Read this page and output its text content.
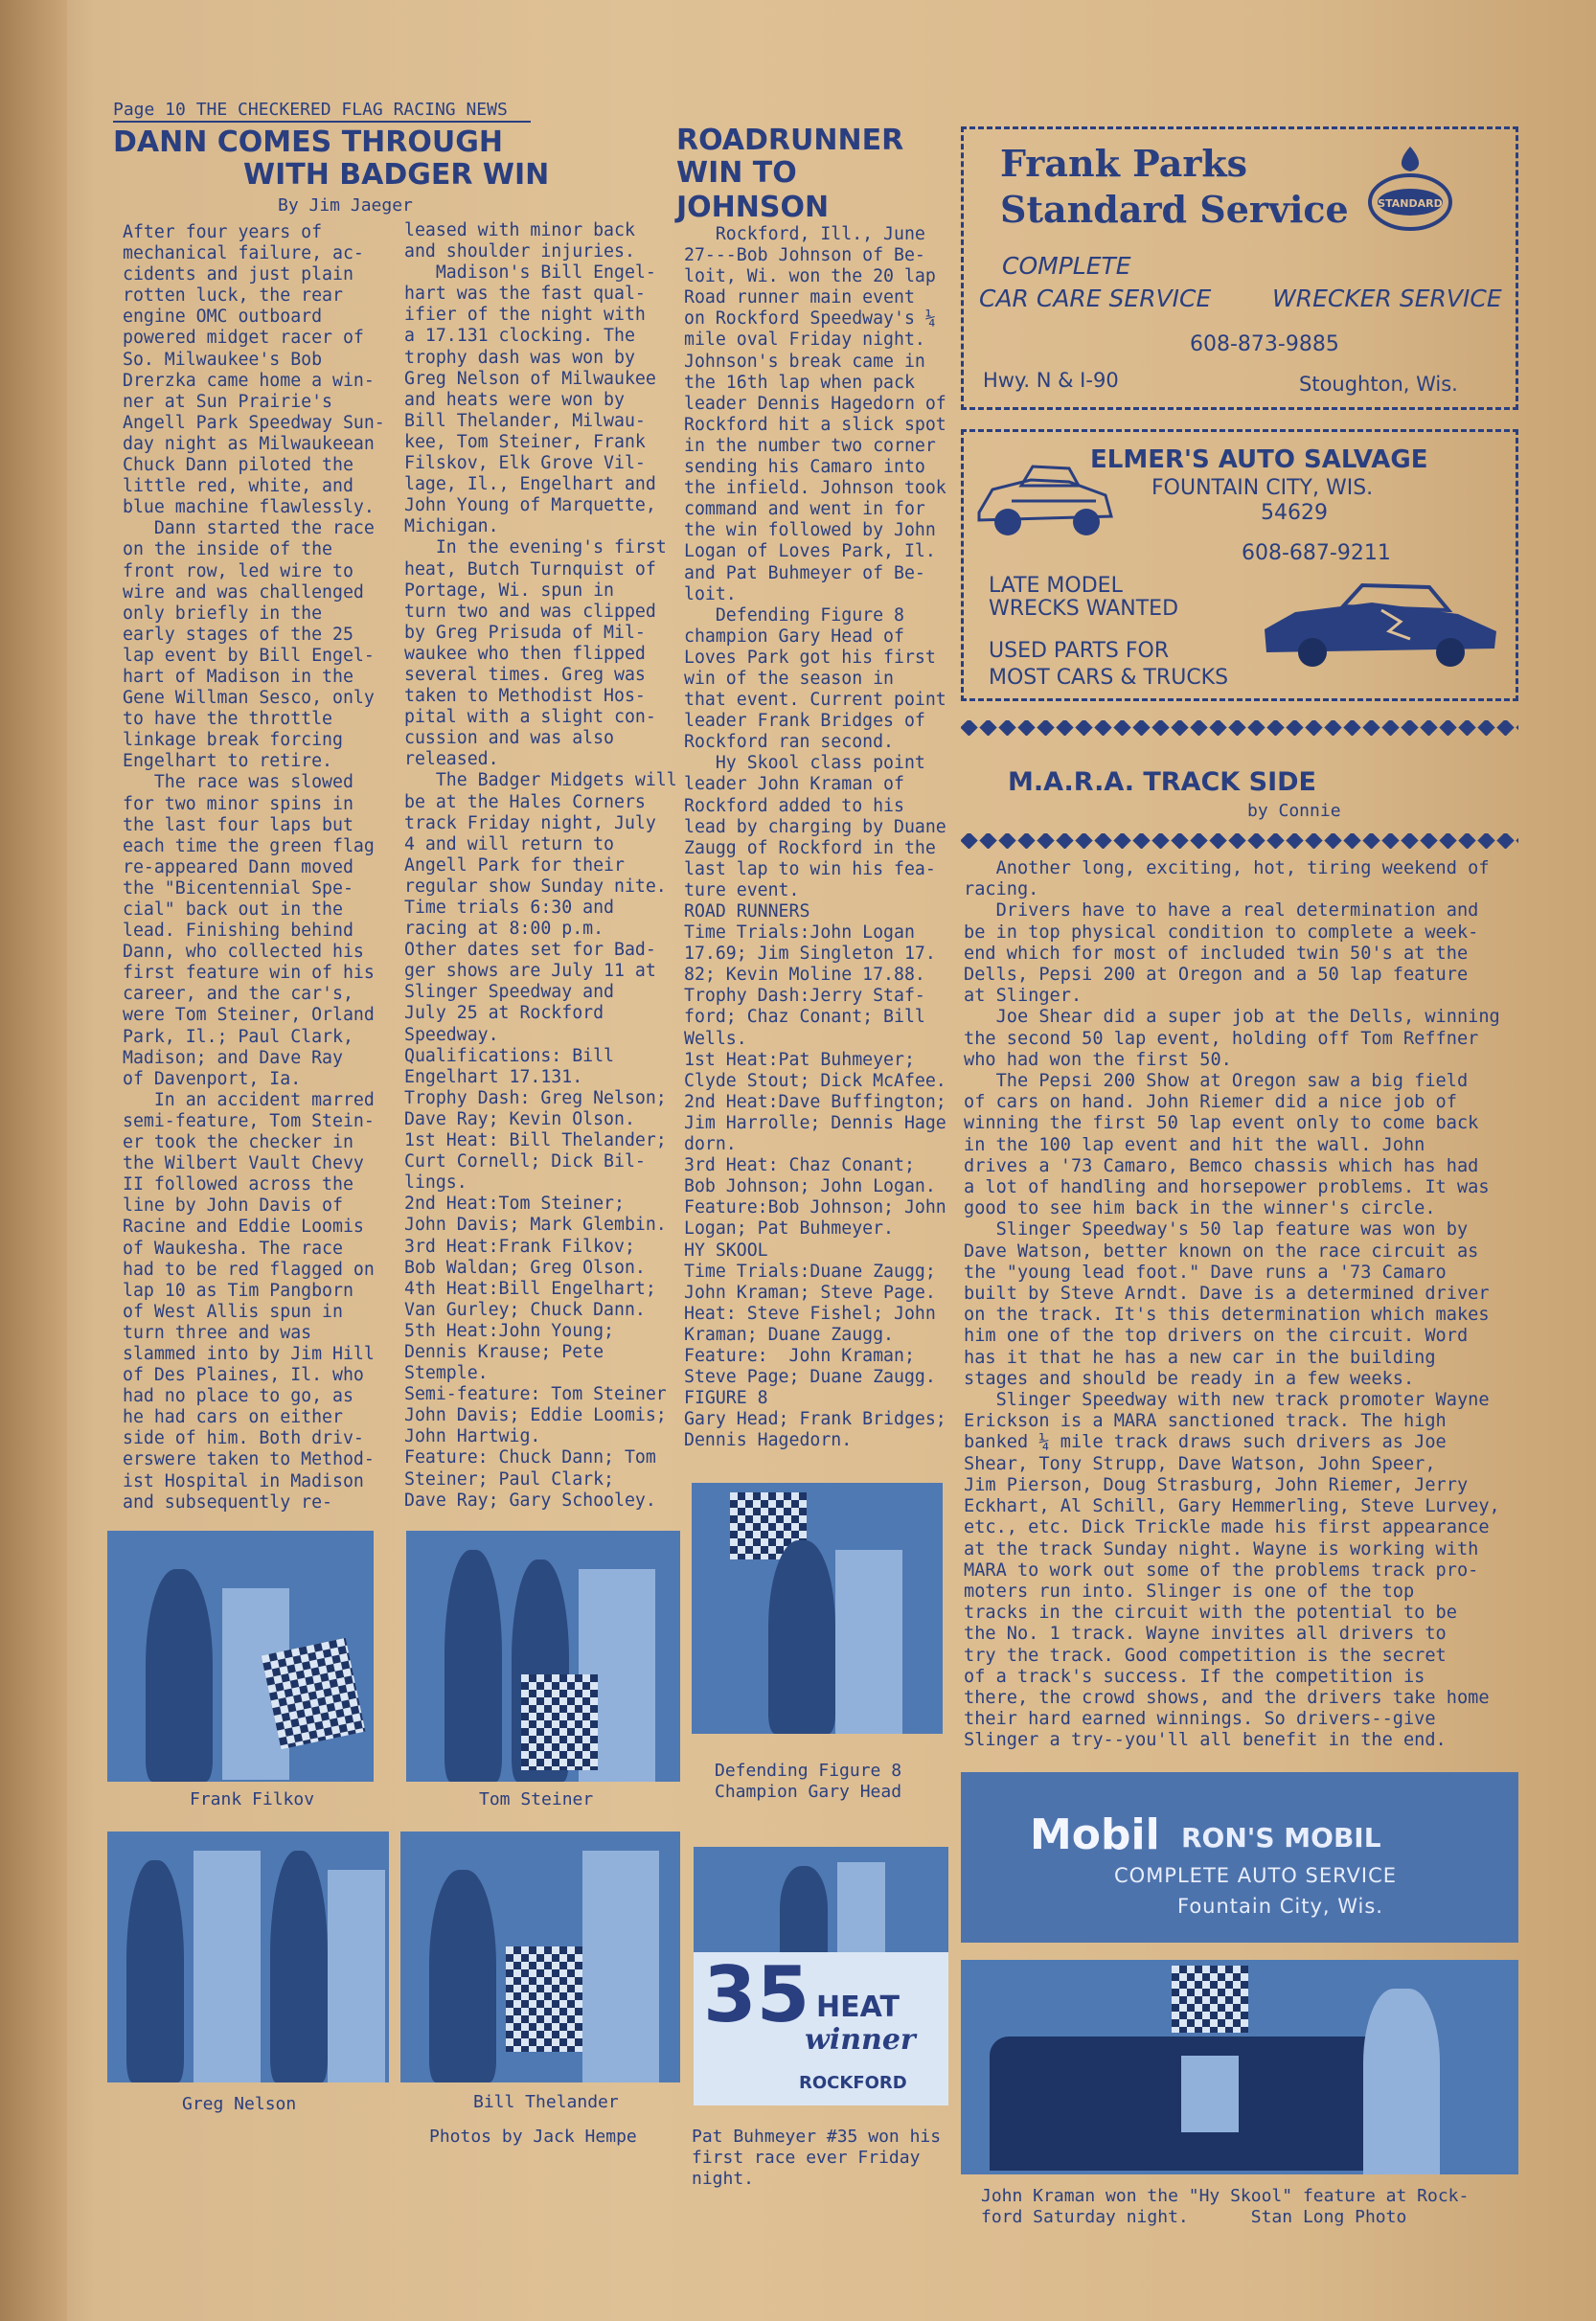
Page 10 THE CHECKERED FLAG RACING NEWS
DANN COMES THROUGH
WITH BADGER WIN
By Jim Jaeger
After four years of
mechanical failure, ac-
cidents and just plain
rotten luck, the rear
engine OMC outboard
powered midget racer of
So. Milwaukee's Bob
Drerzka came home a win-
ner at Sun Prairie's
Angell Park Speedway Sun-
day night as Milwaukeean
Chuck Dann piloted the
little red, white, and
blue machine flawlessly.
Dann started the race
on the inside of the
front row, led wire to
wire and was challenged
only briefly in the
early stages of the 25
lap event by Bill Engel-
hart of Madison in the
Gene Willman Sesco, only
to have the throttle
linkage break forcing
Engelhart to retire.
The race was slowed
for two minor spins in
the last four laps but
each time the green flag
re-appeared Dann moved
the "Bicentennial Spe-
cial" back out in the
lead. Finishing behind
Dann, who collected his
first feature win of his
career, and the car's,
were Tom Steiner, Orland
Park, Il.; Paul Clark,
Madison; and Dave Ray
of Davenport, Ia.
In an accident marred
semi-feature, Tom Stein-
er took the checker in
the Wilbert Vault Chevy
II followed across the
line by John Davis of
Racine and Eddie Loomis
of Waukesha. The race
had to be red flagged on
lap 10 as Tim Pangborn
of West Allis spun in
turn three and was
slammed into by Jim Hill
of Des Plaines, Il. who
had no place to go, as
he had cars on either
side of him. Both driv-
erswere taken to Method-
ist Hospital in Madison
and subsequently re-
leased with minor back
and shoulder injuries.
Madison's Bill Engel-
hart was the fast qual-
ifier of the night with
a 17.131 clocking. The
trophy dash was won by
Greg Nelson of Milwaukee
and heats were won by
Bill Thelander, Milwau-
kee, Tom Steiner, Frank
Filskov, Elk Grove Vil-
lage, Il., Engelhart and
John Young of Marquette,
Michigan.
In the evening's first
heat, Butch Turnquist of
Portage, Wi. spun in
turn two and was clipped
by Greg Prisuda of Mil-
waukee who then flipped
several times. Greg was
taken to Methodist Hos-
pital with a slight con-
cussion and was also
released.
The Badger Midgets will
be at the Hales Corners
track Friday night, July
4 and will return to
Angell Park for their
regular show Sunday nite.
Time trials 6:30 and
racing at 8:00 p.m.
Other dates set for Bad-
ger shows are July 11 at
Slinger Speedway and
July 25 at Rockford
Speedway.
Qualifications: Bill
Engelhart 17.131.
Trophy Dash: Greg Nelson;
Dave Ray; Kevin Olson.
1st Heat: Bill Thelander;
Curt Cornell; Dick Bil-
lings.
2nd Heat:Tom Steiner;
John Davis; Mark Glembin.
3rd Heat:Frank Filkov;
Bob Waldan; Greg Olson.
4th Heat:Bill Engelhart;
Van Gurley; Chuck Dann.
5th Heat:John Young;
Dennis Krause; Pete
Stemple.
Semi-feature: Tom Steiner
John Davis; Eddie Loomis;
John Hartwig.
Feature: Chuck Dann; Tom
Steiner; Paul Clark;
Dave Ray; Gary Schooley.
ROADRUNNER
WIN TO
JOHNSON
Rockford, Ill., June
27---Bob Johnson of Be-
loit, Wi. won the 20 lap
Road runner main event
on Rockford Speedway's ¼
mile oval Friday night.
Johnson's break came in
the 16th lap when pack
leader Dennis Hagedorn of
Rockford hit a slick spot
in the number two corner
sending his Camaro into
the infield. Johnson took
command and went in for
the win followed by John
Logan of Loves Park, Il.
and Pat Buhmeyer of Be-
loit.
Defending Figure 8
champion Gary Head of
Loves Park got his first
win of the season in
that event. Current point
leader Frank Bridges of
Rockford ran second.
Hy Skool class point
leader John Kraman of
Rockford added to his
lead by charging by Duane
Zaugg of Rockford in the
last lap to win his fea-
ture event.
ROAD RUNNERS
Time Trials:John Logan
17.69; Jim Singleton 17.
82; Kevin Moline 17.88.
Trophy Dash:Jerry Staf-
ford; Chaz Conant; Bill
Wells.
1st Heat:Pat Buhmeyer;
Clyde Stout; Dick McAfee.
2nd Heat:Dave Buffington;
Jim Harrolle; Dennis Hage
dorn.
3rd Heat: Chaz Conant;
Bob Johnson; John Logan.
Feature:Bob Johnson; John
Logan; Pat Buhmeyer.
HY SKOOL
Time Trials:Duane Zaugg;
John Kraman; Steve Page.
Heat: Steve Fishel; John
Kraman; Duane Zaugg.
Feature:  John Kraman;
Steve Page; Duane Zaugg.
FIGURE 8
Gary Head; Frank Bridges;
Dennis Hagedorn.
Frank Parks
Standard Service	STANDARD
COMPLETE
CAR CARE SERVICE	WRECKER SERVICE
608-873-9885
Hwy. N & I-90	Stoughton, Wis.
ELMER'S AUTO SALVAGE
FOUNTAIN CITY, WIS.
54629
608-687-9211
LATE MODEL
WRECKS WANTED
USED PARTS FOR
MOST CARS & TRUCKS
M.A.R.A. TRACK SIDE
by Connie
Another long, exciting, hot, tiring weekend of
racing.
Drivers have to have a real determination and
be in top physical condition to complete a week-
end which for most of included twin 50's at the
Dells, Pepsi 200 at Oregon and a 50 lap feature
at Slinger.
Joe Shear did a super job at the Dells, winning
the second 50 lap event, holding off Tom Reffner
who had won the first 50.
The Pepsi 200 Show at Oregon saw a big field
of cars on hand. John Riemer did a nice job of
winning the first 50 lap event only to come back
in the 100 lap event and hit the wall. John
drives a '73 Camaro, Bemco chassis which has had
a lot of handling and horsepower problems. It was
good to see him back in the winner's circle.
Slinger Speedway's 50 lap feature was won by
Dave Watson, better known on the race circuit as
the "young lead foot." Dave runs a '73 Camaro
built by Steve Arndt. Dave is a determined driver
on the track. It's this determination which makes
him one of the top drivers on the circuit. Word
has it that he has a new car in the building
stages and should be ready in a few weeks.
Slinger Speedway with new track promoter Wayne
Erickson is a MARA sanctioned track. The high
banked ¼ mile track draws such drivers as Joe
Shear, Tony Strupp, Dave Watson, John Speer,
Jim Pierson, Doug Strasburg, John Riemer, Jerry
Eckhart, Al Schill, Gary Hemmerling, Steve Lurvey,
etc., etc. Dick Trickle made his first appearance
at the track Sunday night. Wayne is working with
MARA to work out some of the problems track pro-
moters run into. Slinger is one of the top
tracks in the circuit with the potential to be
the No. 1 track. Wayne invites all drivers to
try the track. Good competition is the secret
of a track's success. If the competition is
there, the crowd shows, and the drivers take home
their hard earned winnings. So drivers--give
Slinger a try--you'll all benefit in the end.
Frank Filkov	Tom Steiner
Defending Figure 8
Champion Gary Head
Greg Nelson	Bill Thelander
Photos by Jack Hempe
35 HEAT
winner
ROCKFORD
Pat Buhmeyer #35 won his
first race ever Friday
night.
Mobil RON'S MOBIL
COMPLETE AUTO SERVICE
Fountain City, Wis.
John Kraman won the "Hy Skool" feature at Rock-
ford Saturday night.      Stan Long Photo
